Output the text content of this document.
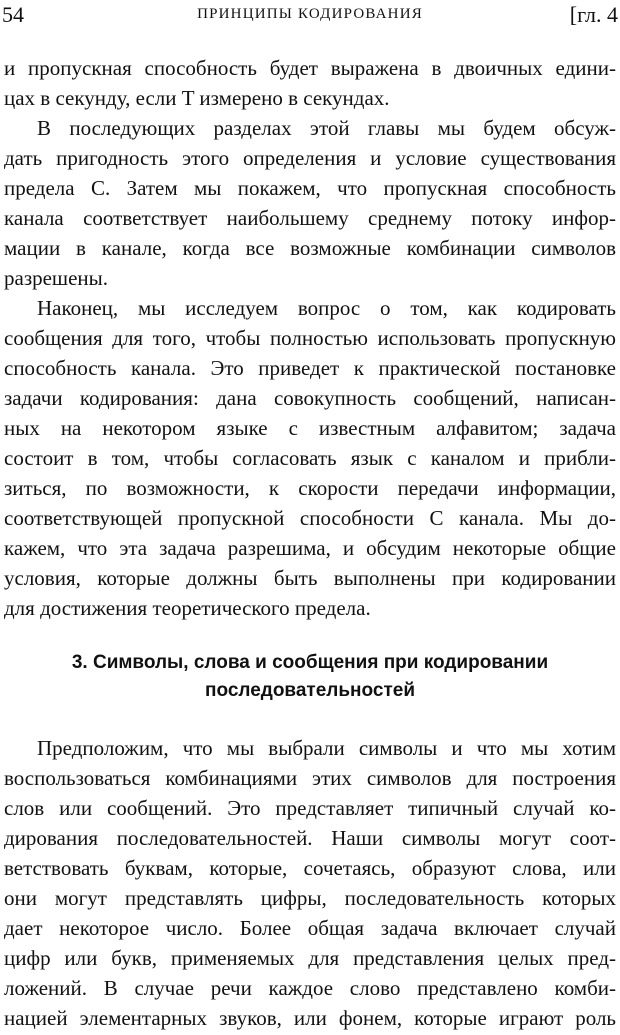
54	ПРИНЦИПЫ КОДИРОВАНИЯ	[гл. 4
и пропускная способность будет выражена в двоичных едини-
цах в секунду, если T измерено в секундах.
В последующих разделах этой главы мы будем обсуж-
дать пригодность этого определения и условие существования
предела C. Затем мы покажем, что пропускная способность
канала соответствует наибольшему среднему потоку инфор-
мации в канале, когда все возможные комбинации символов
разрешены.
Наконец, мы исследуем вопрос о том, как кодировать
сообщения для того, чтобы полностью использовать пропускную
способность канала. Это приведет к практической постановке
задачи кодирования: дана совокупность сообщений, написан-
ных на некотором языке с известным алфавитом; задача
состоит в том, чтобы согласовать язык с каналом и прибли-
зиться, по возможности, к скорости передачи информации,
соответствующей пропускной способности C канала. Мы до-
кажем, что эта задача разрешима, и обсудим некоторые общие
условия, которые должны быть выполнены при кодировании
для достижения теоретического предела.
3. Символы, слова и сообщения при кодировании
последовательностей
Предположим, что мы выбрали символы и что мы хотим
воспользоваться комбинациями этих символов для построения
слов или сообщений. Это представляет типичный случай ко-
дирования последовательностей. Наши символы могут соот-
ветствовать буквам, которые, сочетаясь, образуют слова, или
они могут представлять цифры, последовательность которых
дает некоторое число. Более общая задача включает случай
цифр или букв, применяемых для представления целых пред-
ложений. В случае речи каждое слово представлено комби-
нацией элементарных звуков, или фонем, которые играют роль
